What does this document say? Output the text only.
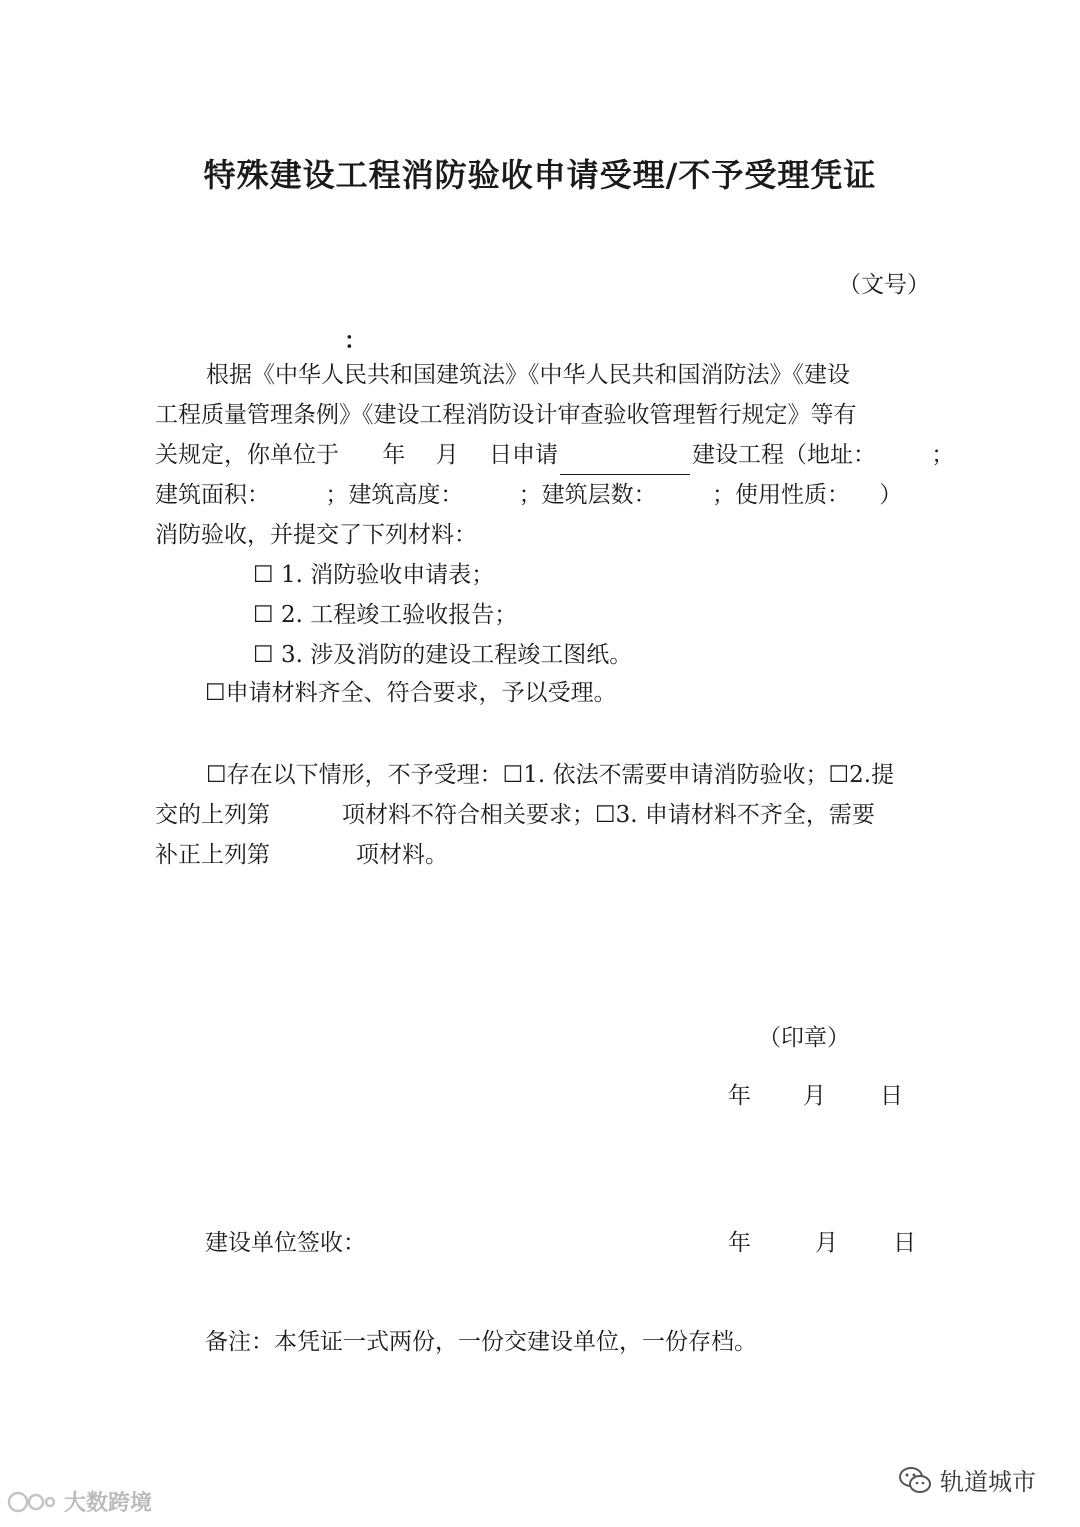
特殊建设工程消防验收申请受理/不予受理凭证
（文号）
：
根据《中华人民共和国建筑法》《中华人民共和国消防法》《建设
工程质量管理条例》《建设工程消防设计审查验收管理暂行规定》等有
关规定，你单位于 年 月 日申请	建设工程（地址： ；
建筑面积： ；建筑高度： ；建筑层数： ；使用性质： ）
消防验收，并提交了下列材料：
☐ 1. 消防验收申请表；
☐ 2. 工程竣工验收报告；
☐ 3. 涉及消防的建设工程竣工图纸。
☐申请材料齐全、符合要求，予以受理。
☐存在以下情形，不予受理：☐1. 依法不需要申请消防验收；☐2.提
交的上列第	项材料不符合相关要求；☐3. 申请材料不齐全，需要
补正上列第	项材料。
（印章）
年 月 日
建设单位签收：	年	月 日
备注：本凭证一式两份，一份交建设单位，一份存档。
大数跨境
轨道城市
